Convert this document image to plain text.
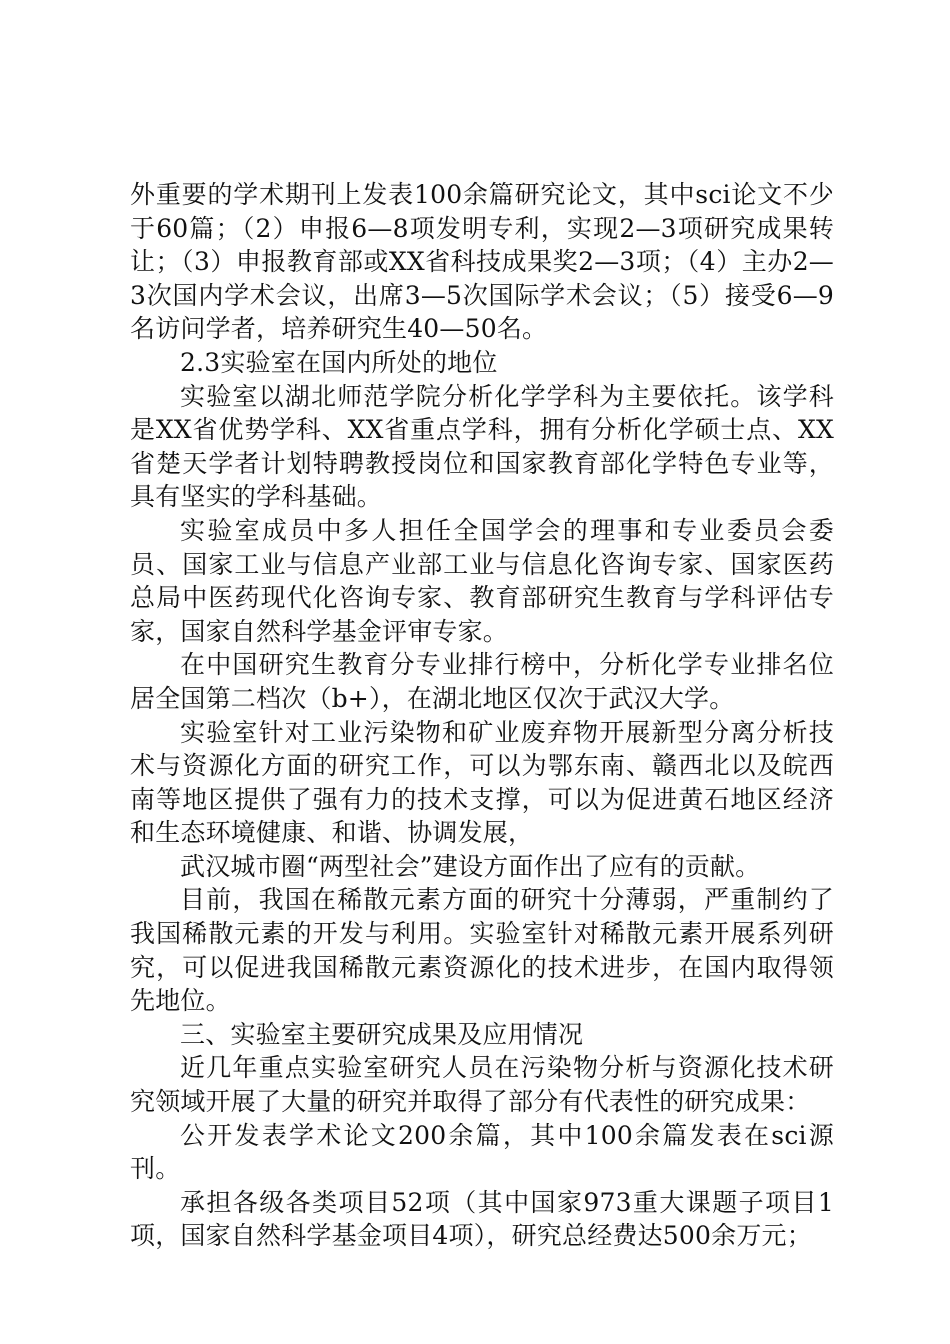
外重要的学术期刊上发表100余篇研究论文，其中sci论文不少于60篇；（2）申报6—8项发明专利，实现2—3项研究成果转让；（3）申报教育部或XX省科技成果奖2—3项；（4）主办2—3次国内学术会议，出席3—5次国际学术会议；（5）接受6—9名访问学者，培养研究生40—50名。

2.3实验室在国内所处的地位

实验室以湖北师范学院分析化学学科为主要依托。该学科是XX省优势学科、XX省重点学科，拥有分析化学硕士点、XX省楚天学者计划特聘教授岗位和国家教育部化学特色专业等，具有坚实的学科基础。

实验室成员中多人担任全国学会的理事和专业委员会委员、国家工业与信息产业部工业与信息化咨询专家、国家医药总局中医药现代化咨询专家、教育部研究生教育与学科评估专家，国家自然科学基金评审专家。

在中国研究生教育分专业排行榜中，分析化学专业排名位居全国第二档次（b+），在湖北地区仅次于武汉大学。

实验室针对工业污染物和矿业废弃物开展新型分离分析技术与资源化方面的研究工作，可以为鄂东南、赣西北以及皖西南等地区提供了强有力的技术支撑，可以为促进黄石地区经济和生态环境健康、和谐、协调发展，

武汉城市圈“两型社会”建设方面作出了应有的贡献。

目前，我国在稀散元素方面的研究十分薄弱，严重制约了我国稀散元素的开发与利用。实验室针对稀散元素开展系列研究，可以促进我国稀散元素资源化的技术进步，在国内取得领先地位。

三、实验室主要研究成果及应用情况

近几年重点实验室研究人员在污染物分析与资源化技术研究领域开展了大量的研究并取得了部分有代表性的研究成果：

公开发表学术论文200余篇，其中100余篇发表在sci源刊。

承担各级各类项目52项（其中国家973重大课题子项目1项，国家自然科学基金项目4项），研究总经费达500余万元；
